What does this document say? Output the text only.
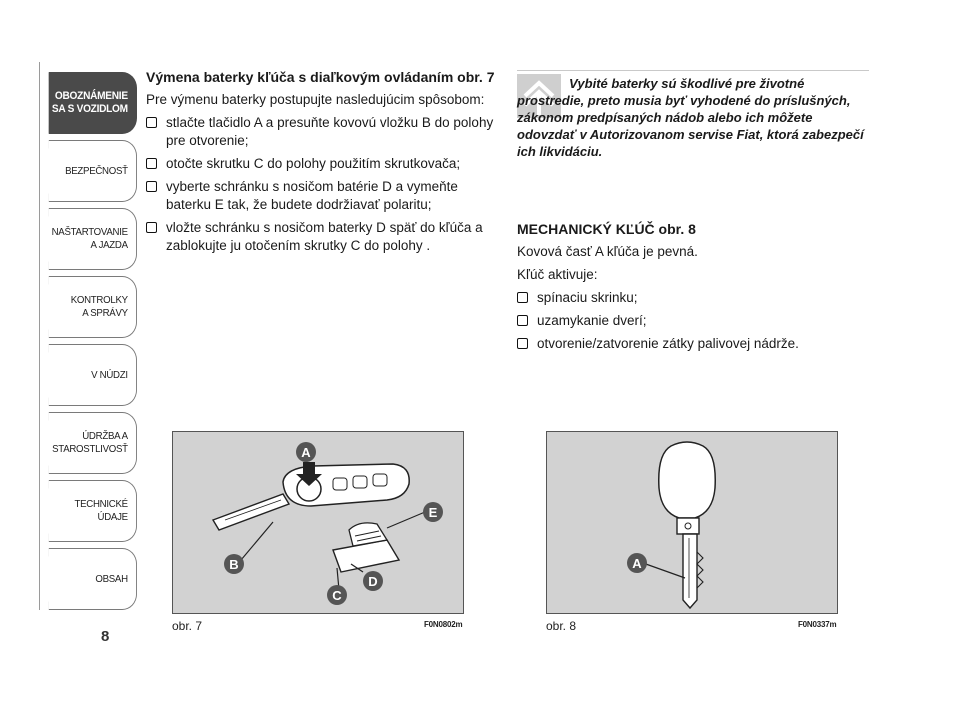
OBOZNÁMENIE
SA S VOZIDLOM
BEZPEČNOSŤ
NAŠTARTOVANIE
A JAZDA
KONTROLKY
A SPRÁVY
V NÚDZI
ÚDRŽBA A
STAROSTLIVOSŤ
TECHNICKÉ
ÚDAJE
OBSAH
8
Výmena baterky kľúča s diaľkovým ovládaním obr. 7
Pre výmenu baterky postupujte nasledujúcim spôsobom:
stlačte tlačidlo A a presuňte kovovú vložku B do polohy pre otvorenie;
otočte skrutku C do polohy použitím skrutkovača;
vyberte schránku s nosičom batérie D a vymeňte baterku E tak, že budete dodržiavať polaritu;
vložte schránku s nosičom baterky D späť do kľúča a zablokujte ju otočením skrutky C do polohy .
Vybité baterky sú škodlivé pre životné prostredie, preto musia byť vyhodené do príslušných, zákonom predpísaných nádob alebo ich môžete odovzdať v Autorizovanom servise Fiat, ktorá zabezpečí ich likvidáciu.
MECHANICKÝ KĽÚČ obr. 8
Kovová časť A kľúča je pevná.
Kľúč aktivuje:
spínaciu skrinku;
uzamykanie dverí;
otvorenie/zatvorenie zátky palivovej nádrže.
A
E
B
D
C
obr. 7	F0N0802m
A
obr. 8	F0N0337m
